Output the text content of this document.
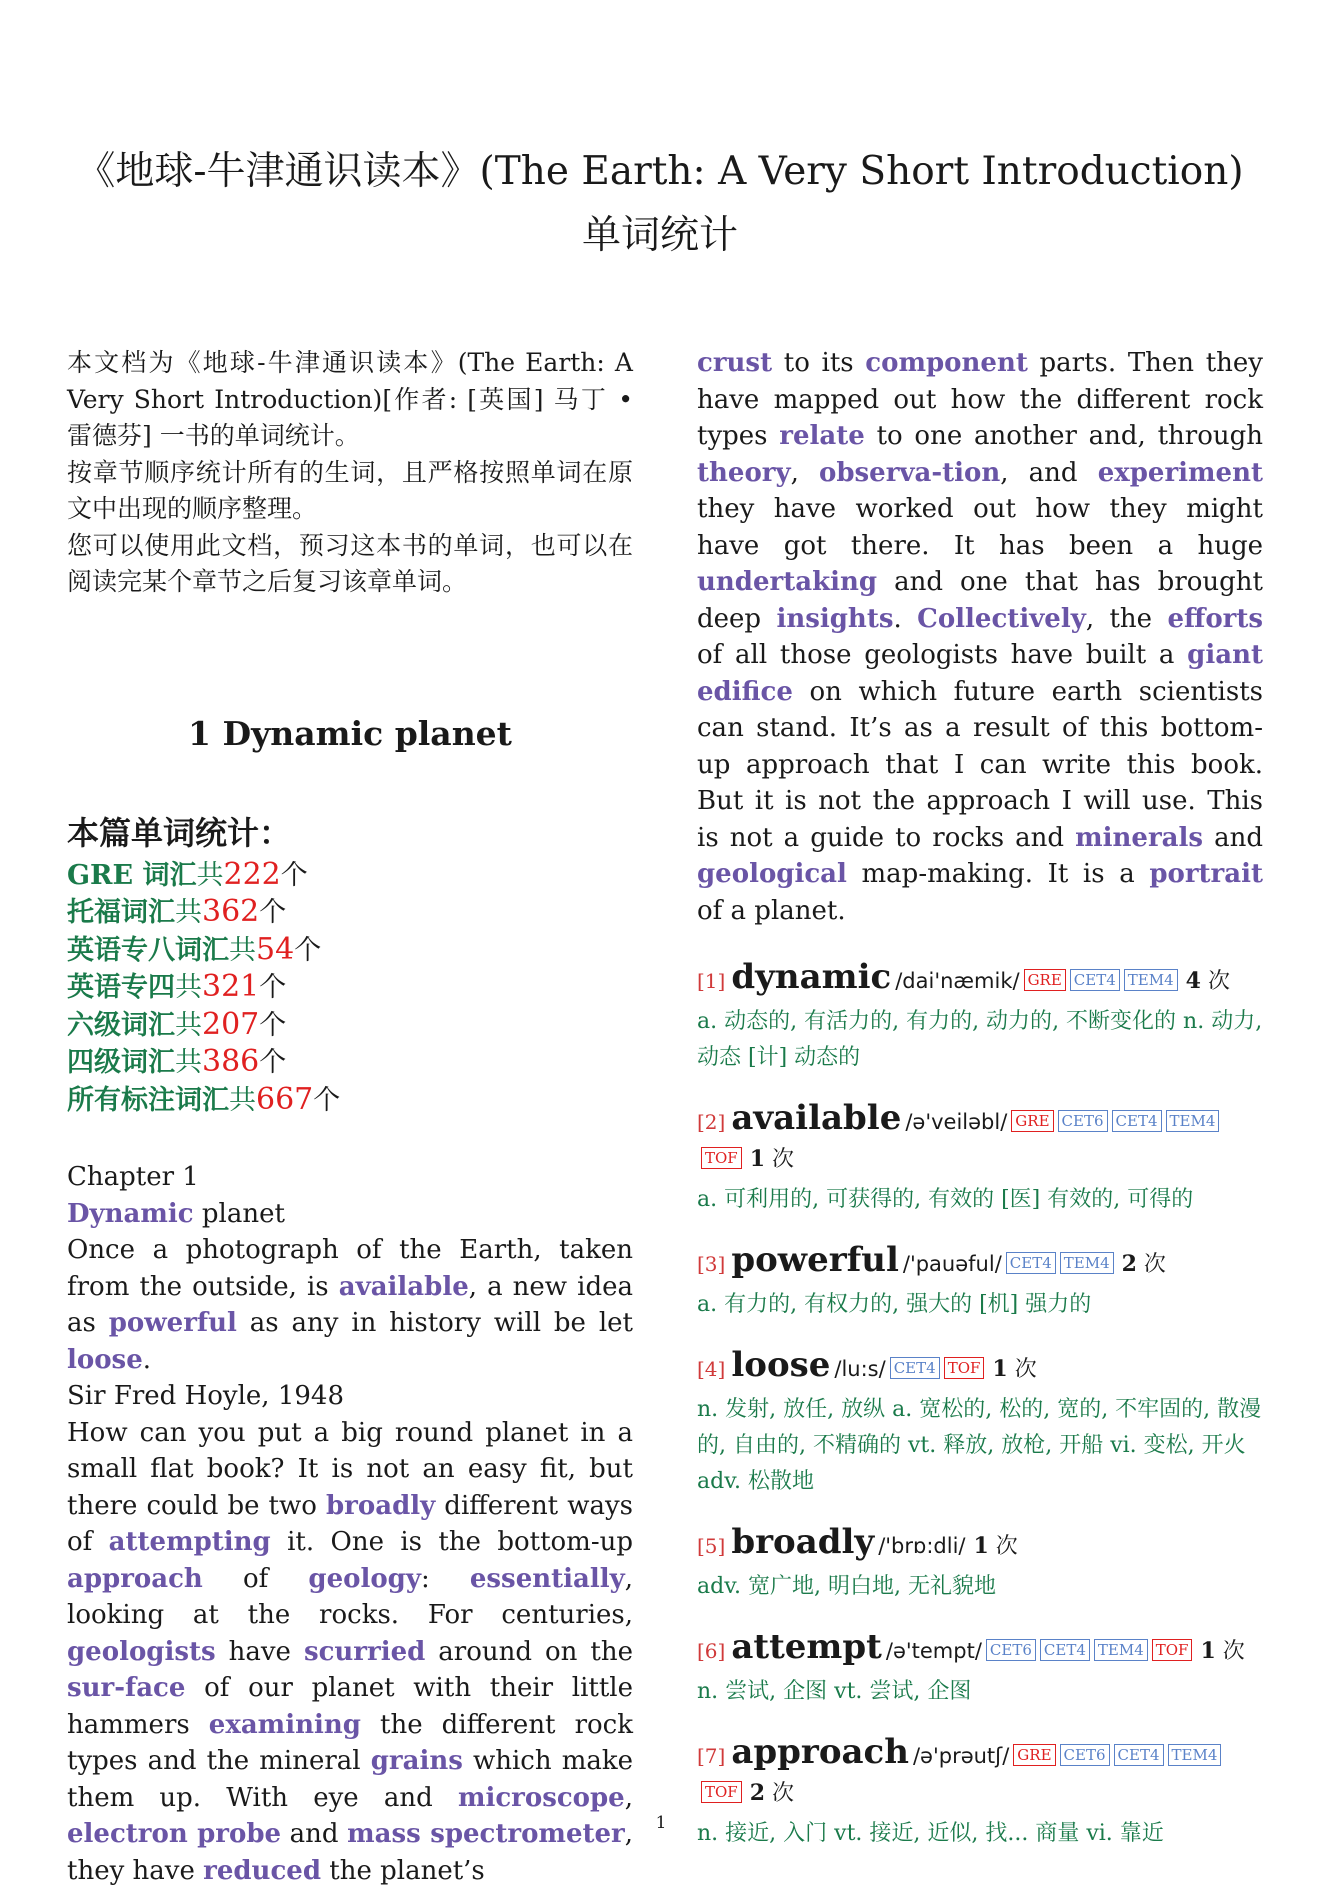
《地球-牛津通识读本》(The Earth: A Very Short Introduction) 单词统计
本文档为《地球-牛津通识读本》(The Earth: A Very Short Introduction)[作者: [英国] 马丁 • 雷德芬] 一书的单词统计。
按章节顺序统计所有的生词，且严格按照单词在原文中出现的顺序整理。
您可以使用此文档，预习这本书的单词，也可以在阅读完某个章节之后复习该章单词。
1 Dynamic planet
本篇单词统计：
GRE 词汇共222个
托福词汇共362个
英语专八词汇共54个
英语专四共321个
六级词汇共207个
四级词汇共386个
所有标注词汇共667个
Chapter 1
Dynamic planet
Once a photograph of the Earth, taken from the outside, is available, a new idea as powerful as any in history will be let loose.
Sir Fred Hoyle, 1948
How can you put a big round planet in a small flat book? It is not an easy fit, but there could be two broadly different ways of attempting it. One is the bottom-up approach of geology: essentially, looking at the rocks. For centuries, geologists have scurried around on the sur-face of our planet with their little hammers examining the different rock types and the mineral grains which make them up. With eye and microscope, electron probe and mass spectrometer, they have reduced the planet’s
crust to its component parts. Then they have mapped out how the different rock types relate to one another and, through theory, observa-tion, and experiment they have worked out how they might have got there. It has been a huge undertaking and one that has brought deep insights. Collectively, the efforts of all those geologists have built a giant edifice on which future earth scientists can stand. It’s as a result of this bottom-up approach that I can write this book. But it is not the approach I will use. This is not a guide to rocks and minerals and geological map-making. It is a portrait of a planet.
[1] dynamic /dai'næmik/ GRE CET4 TEM4 4 次
a. 动态的, 有活力的, 有力的, 动力的, 不断变化的 n. 动力, 动态 [计] 动态的
[2] available /ə'veiləbl/ GRE CET6 CET4 TEM4TOF 1 次
a. 可利用的, 可获得的, 有效的 [医] 有效的, 可得的
[3] powerful /'pauəful/ CET4 TEM4 2 次
a. 有力的, 有权力的, 强大的 [机] 强力的
[4] loose /lu:s/ CET4 TOF 1 次
n. 发射, 放任, 放纵 a. 宽松的, 松的, 宽的, 不牢固的, 散漫的, 自由的, 不精确的 vt. 释放, 放枪, 开船 vi. 变松, 开火 adv. 松散地
[5] broadly /'brɒ:dli/ 1 次
adv. 宽广地, 明白地, 无礼貌地
[6] attempt /ə'tempt/ CET6 CET4 TEM4 TOF 1 次
n. 尝试, 企图 vt. 尝试, 企图
[7] approach /ə'prəutʃ/ GRE CET6 CET4 TEM4TOF 2 次
n. 接近, 入门 vt. 接近, 近似, 找... 商量 vi. 靠近
1
